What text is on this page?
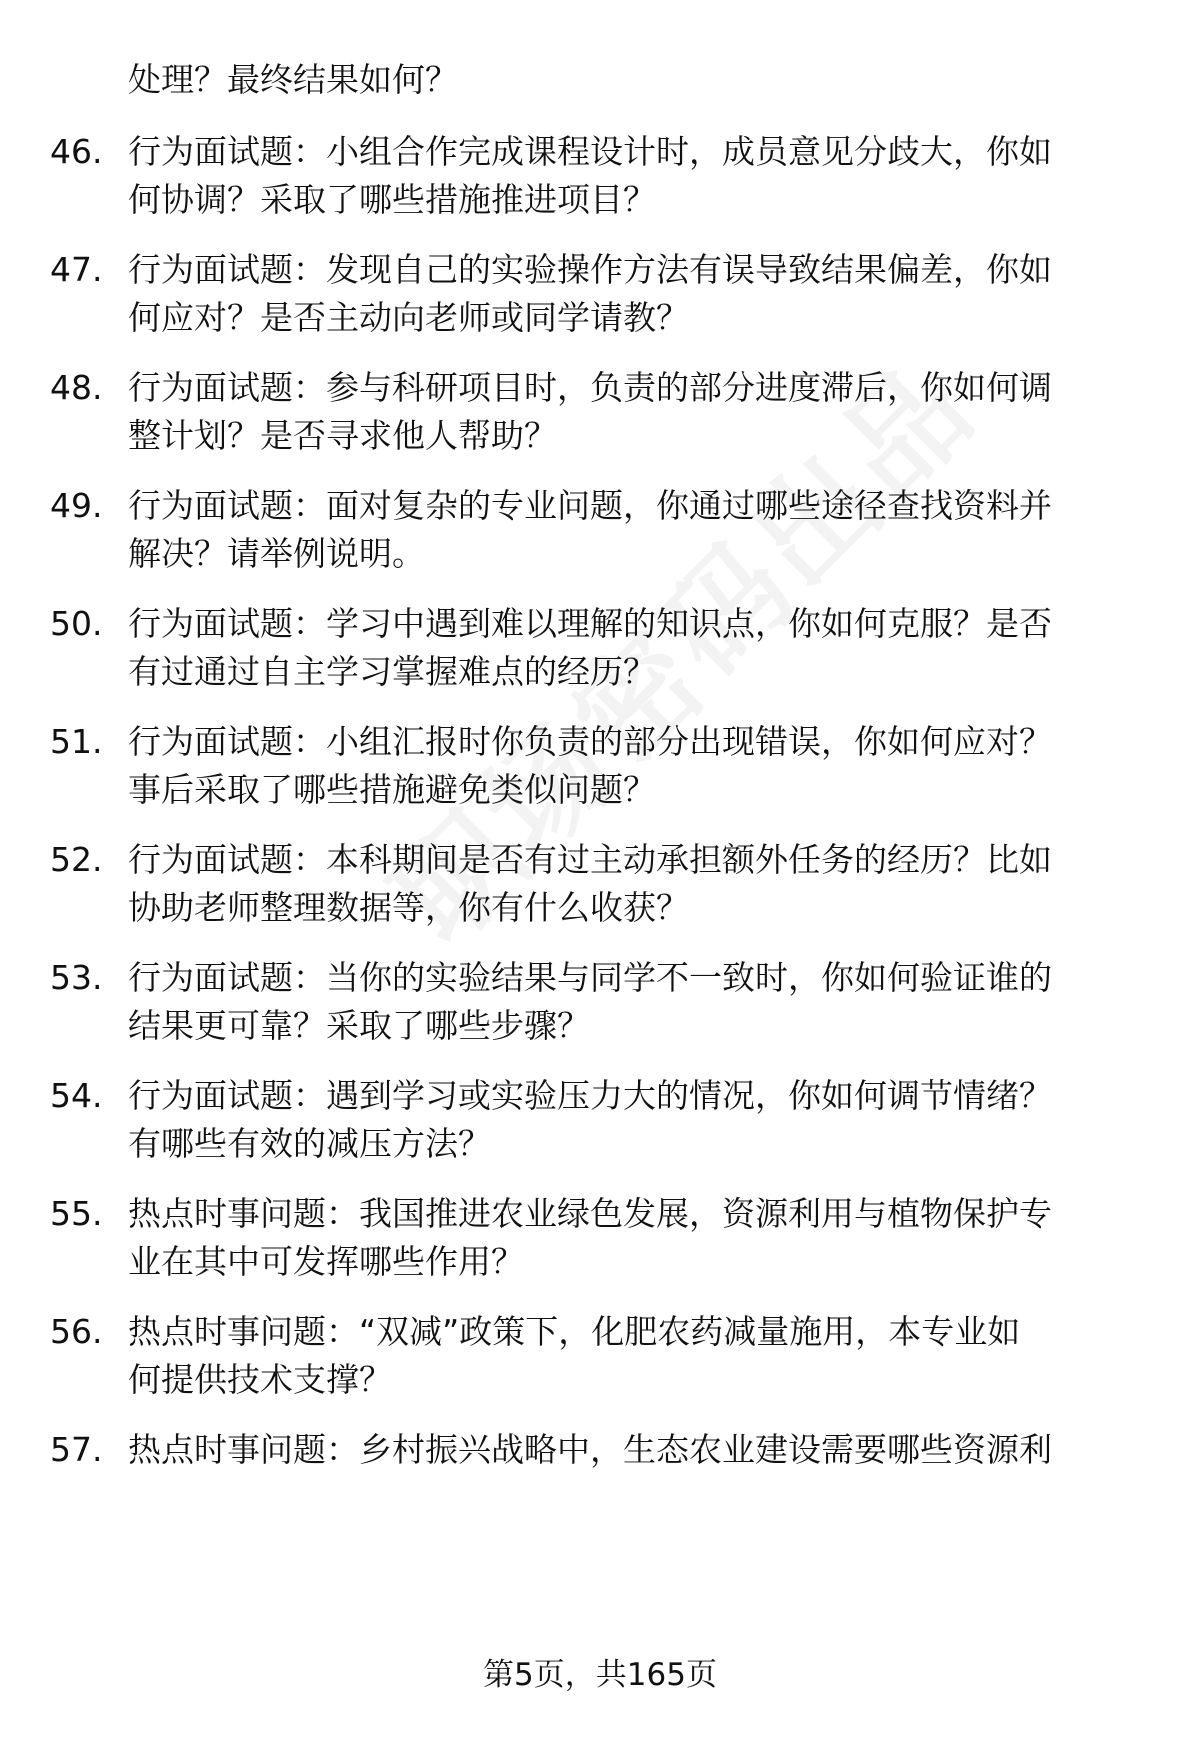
处理？最终结果如何？
46. 行为面试题：小组合作完成课程设计时，成员意见分歧大，你如
何协调？采取了哪些措施推进项目？
47. 行为面试题：发现自己的实验操作方法有误导致结果偏差，你如
何应对？是否主动向老师或同学请教？
48. 行为面试题：参与科研项目时，负责的部分进度滞后，你如何调
整计划？是否寻求他人帮助？
49. 行为面试题：面对复杂的专业问题，你通过哪些途径查找资料并
解决？请举例说明。
50. 行为面试题：学习中遇到难以理解的知识点，你如何克服？是否
有过通过自主学习掌握难点的经历？
51. 行为面试题：小组汇报时你负责的部分出现错误，你如何应对？
事后采取了哪些措施避免类似问题？
52. 行为面试题：本科期间是否有过主动承担额外任务的经历？比如
协助老师整理数据等，你有什么收获？
53. 行为面试题：当你的实验结果与同学不一致时，你如何验证谁的
结果更可靠？采取了哪些步骤？
54. 行为面试题：遇到学习或实验压力大的情况，你如何调节情绪？
有哪些有效的减压方法？
55. 热点时事问题：我国推进农业绿色发展，资源利用与植物保护专
业在其中可发挥哪些作用？
56. 热点时事问题：“双减”政策下，化肥农药减量施用，本专业如
何提供技术支撑？
57. 热点时事问题：乡村振兴战略中，生态农业建设需要哪些资源利
第5页，共165页
